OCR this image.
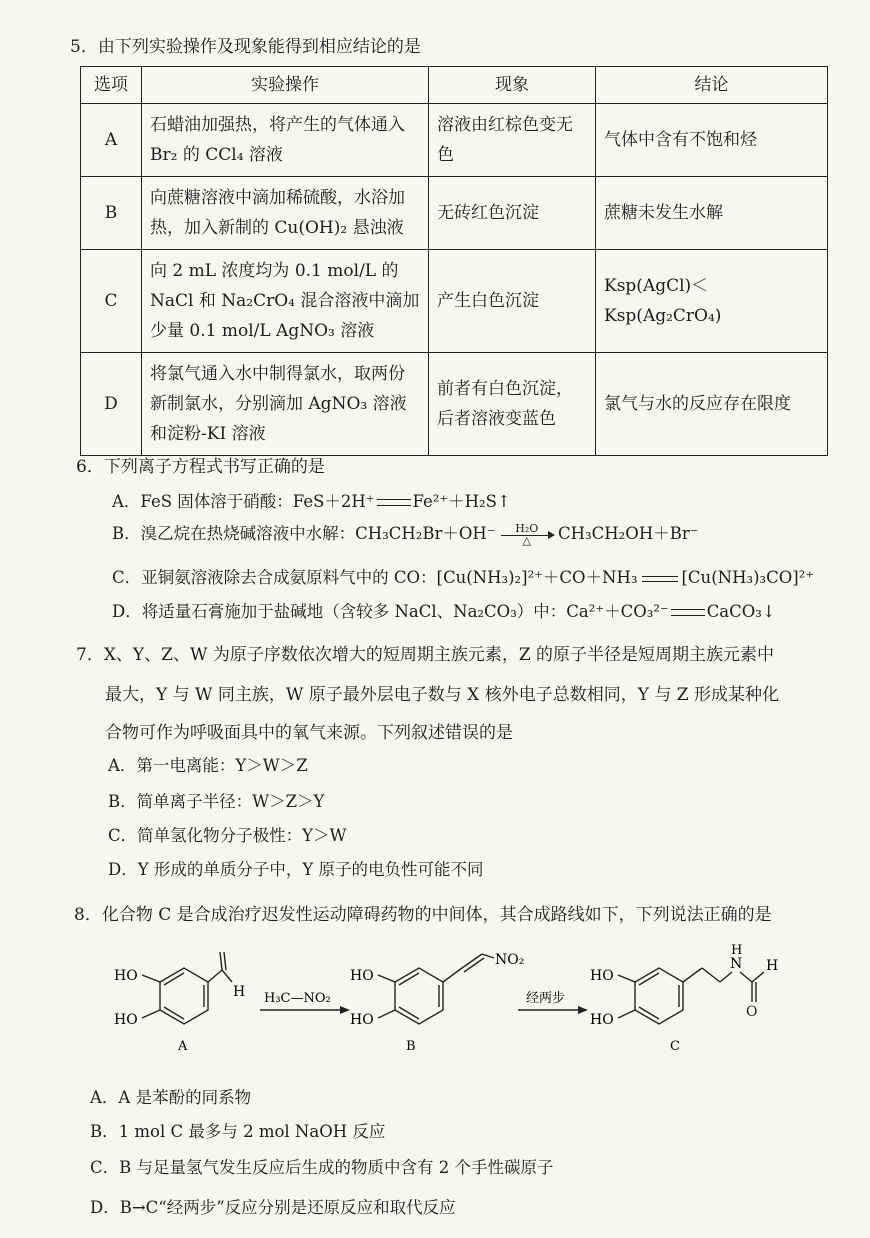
5．由下列实验操作及现象能得到相应结论的是
选项	实验操作	现象	结论
A	石蜡油加强热，将产生的气体通入 Br₂ 的 CCl₄ 溶液	溶液由红棕色变无色	气体中含有不饱和烃
B	向蔗糖溶液中滴加稀硫酸，水浴加热，加入新制的 Cu(OH)₂ 悬浊液	无砖红色沉淀	蔗糖未发生水解
C	向 2 mL 浓度均为 0.1 mol/L 的 NaCl 和 Na₂CrO₄ 混合溶液中滴加少量 0.1 mol/L AgNO₃ 溶液	产生白色沉淀	Ksp(AgCl)＜Ksp(Ag₂CrO₄)
D	将氯气通入水中制得氯水，取两份新制氯水，分别滴加 AgNO₃ 溶液和淀粉-KI 溶液	前者有白色沉淀，后者溶液变蓝色	氯气与水的反应存在限度
6．下列离子方程式书写正确的是
A．FeS 固体溶于硝酸：FeS＋2H⁺ Fe²⁺＋H₂S↑
B．溴乙烷在热烧碱溶液中水解：CH₃CH₂Br＋OH⁻	H₂O
△	CH₃CH₂OH＋Br⁻
C．亚铜氨溶液除去合成氨原料气中的 CO：[Cu(NH₃)₂]²⁺＋CO＋NH₃	[Cu(NH₃)₃CO]²⁺
D．将适量石膏施加于盐碱地（含较多 NaCl、Na₂CO₃）中：Ca²⁺＋CO₃²⁻ CaCO₃↓
7．X、Y、Z、W 为原子序数依次增大的短周期主族元素，Z 的原子半径是短周期主族元素中
最大，Y 与 W 同主族，W 原子最外层电子数与 X 核外电子总数相同，Y 与 Z 形成某种化
合物可作为呼吸面具中的氧气来源。下列叙述错误的是
A．第一电离能：Y＞W＞Z
B．简单离子半径：W＞Z＞Y
C．简单氢化物分子极性：Y＞W
D．Y 形成的单质分子中，Y 原子的电负性可能不同
8．化合物 C 是合成治疗迟发性运动障碍药物的中间体，其合成路线如下，下列说法正确的是
HO
HO
H
A
H₃C—NO₂
HO
HO
NO₂
B
经两步
HO
HO
N
H
O
H
C
A．A 是苯酚的同系物
B．1 mol C 最多与 2 mol NaOH 反应
C．B 与足量氢气发生反应后生成的物质中含有 2 个手性碳原子
D．B→C“经两步”反应分别是还原反应和取代反应
